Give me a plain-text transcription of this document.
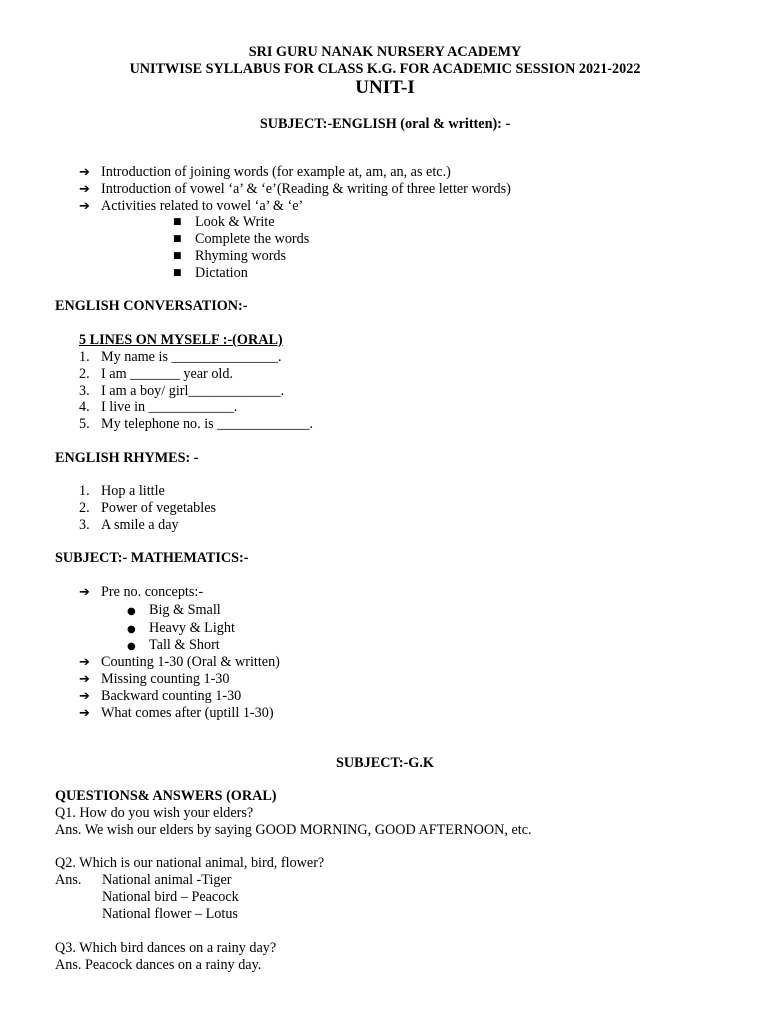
SRI GURU NANAK NURSERY ACADEMY
UNITWISE SYLLABUS FOR CLASS K.G. FOR ACADEMIC SESSION 2021-2022
UNIT-I
SUBJECT:-ENGLISH (oral & written): -
➔ Introduction of joining words (for example at, am, an, as etc.)
➔ Introduction of vowel ‘a’ & ‘e’(Reading & writing of three letter words)
➔ Activities related to vowel ‘a’ & ‘e’
■ Look & Write
■ Complete the words
■ Rhyming words
■ Dictation
ENGLISH CONVERSATION:-
5 LINES ON MYSELF :-(ORAL)
1. My name is _______________.
2. I am _______ year old.
3. I am a boy/ girl_____________.
4. I live in ____________.
5. My telephone no. is _____________.
ENGLISH RHYMES: -
1. Hop a little
2. Power of vegetables
3. A smile a day
SUBJECT:- MATHEMATICS:-
➔ Pre no. concepts:-
● Big & Small
● Heavy & Light
● Tall & Short
➔ Counting 1-30 (Oral & written)
➔ Missing counting 1-30
➔ Backward counting 1-30
➔ What comes after (uptill 1-30)
SUBJECT:-G.K
QUESTIONS& ANSWERS (ORAL)
Q1. How do you wish your elders?
Ans. We wish our elders by saying GOOD MORNING, GOOD AFTERNOON, etc.
Q2. Which is our national animal, bird, flower?
Ans. National animal -Tiger
National bird – Peacock
National flower – Lotus
Q3. Which bird dances on a rainy day?
Ans. Peacock dances on a rainy day.
